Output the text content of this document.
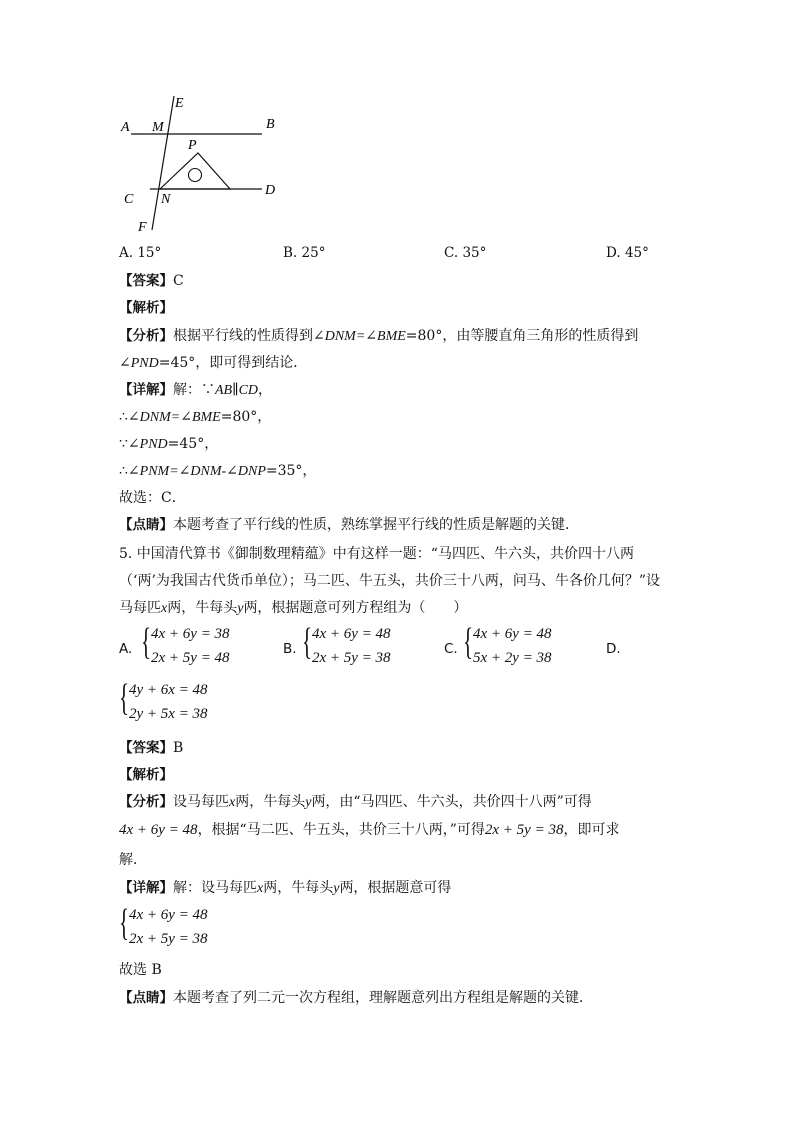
A M
E
B
P
C N
D
F
A. 15°	B. 25°	C. 35°	D. 45°
【答案】C
【解析】
【分析】根据平行线的性质得到∠DNM=∠BME=80°，由等腰直角三角形的性质得到
∠PND=45°，即可得到结论．
【详解】解：∵AB∥CD，
∴∠DNM=∠BME=80°，
∵∠PND=45°，
∴∠PNM=∠DNM-∠DNP=35°，
故选：C．
【点睛】本题考查了平行线的性质，熟练掌握平行线的性质是解题的关键．
5. 中国清代算书《御制数理精蕴》中有这样一题：“马四匹、牛六头，共价四十八两
（‘两’为我国古代货币单位）；马二匹、牛五头，共价三十八两，问马、牛各价几何？”设
马每匹x两，牛每头y两，根据题意可列方程组为（　　）
A. { 4x + 6y = 38
2x + 5y = 48
B. { 4x + 6y = 48
2x + 5y = 38
C. { 4x + 6y = 48
5x + 2y = 38
D.
{ 4y + 6x = 48
2y + 5x = 38
【答案】B
【解析】
【分析】设马每匹x两，牛每头y两，由“马四匹、牛六头，共价四十八两”可得
4x + 6y = 48，根据“马二匹、牛五头，共价三十八两，”可得2x + 5y = 38，即可求
解．
【详解】解：设马每匹x两，牛每头y两，根据题意可得
{ 4x + 6y = 48
2x + 5y = 38
故选 B
【点睛】本题考查了列二元一次方程组，理解题意列出方程组是解题的关键．
